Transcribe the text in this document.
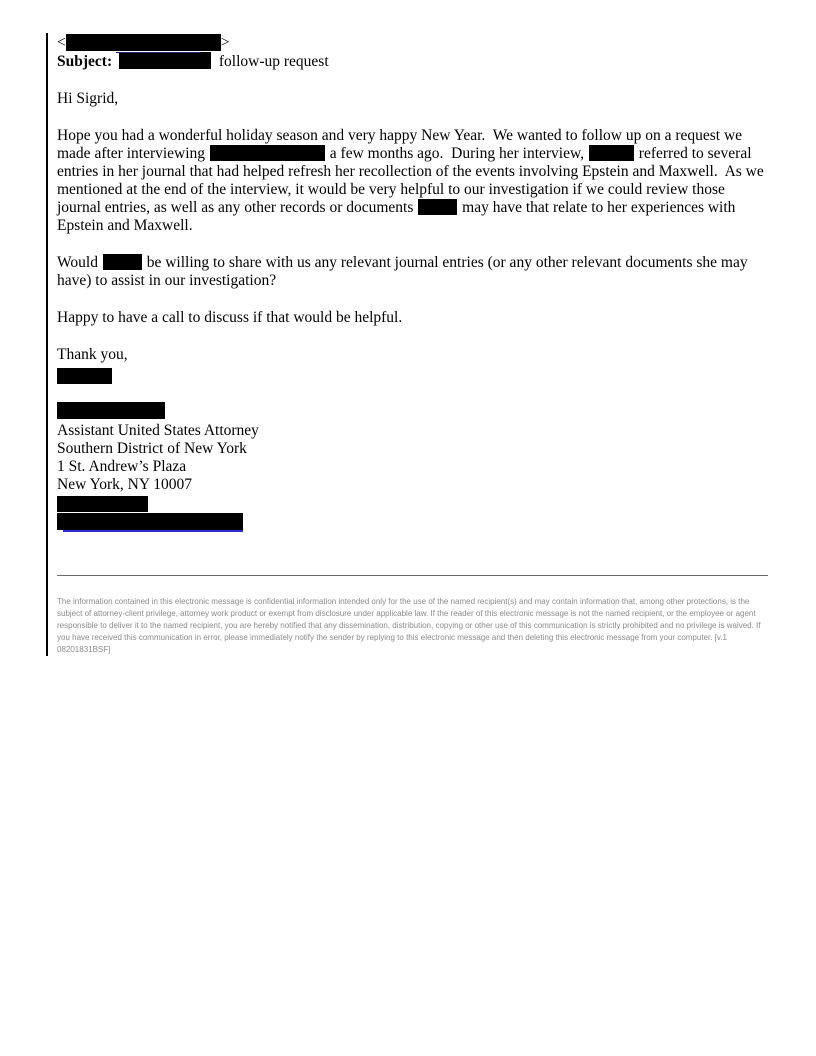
<	>
Subject:	follow-up request

Hi Sigrid,

Hope you had a wonderful holiday season and very happy New Year.  We wanted to follow up on a request we made after interviewing	a few months ago.  During her interview,	referred to several entries in her journal that had helped refresh her recollection of the events involving Epstein and Maxwell.  As we mentioned at the end of the interview, it would be very helpful to our investigation if we could review those journal entries, as well as any other records or documents	may have that relate to her experiences with Epstein and Maxwell.

Would	be willing to share with us any relevant journal entries (or any other relevant documents she may have) to assist in our investigation?

Happy to have a call to discuss if that would be helpful.

Thank you,

Assistant United States Attorney
Southern District of New York
1 St. Andrew’s Plaza
New York, NY 10007

The information contained in this electronic message is confidential information intended only for the use of the named recipient(s) and may contain information that, among other protections, is the subject of attorney-client privilege, attorney work product or exempt from disclosure under applicable law. If the reader of this electronic message is not the named recipient, or the employee or agent responsible to deliver it to the named recipient, you are hereby notified that any dissemination, distribution, copying or other use of this communication is strictly prohibited and no privilege is waived. If you have received this communication in error, please immediately notify the sender by replying to this electronic message and then deleting this electronic message from your computer. [v.1 08201831BSF]
